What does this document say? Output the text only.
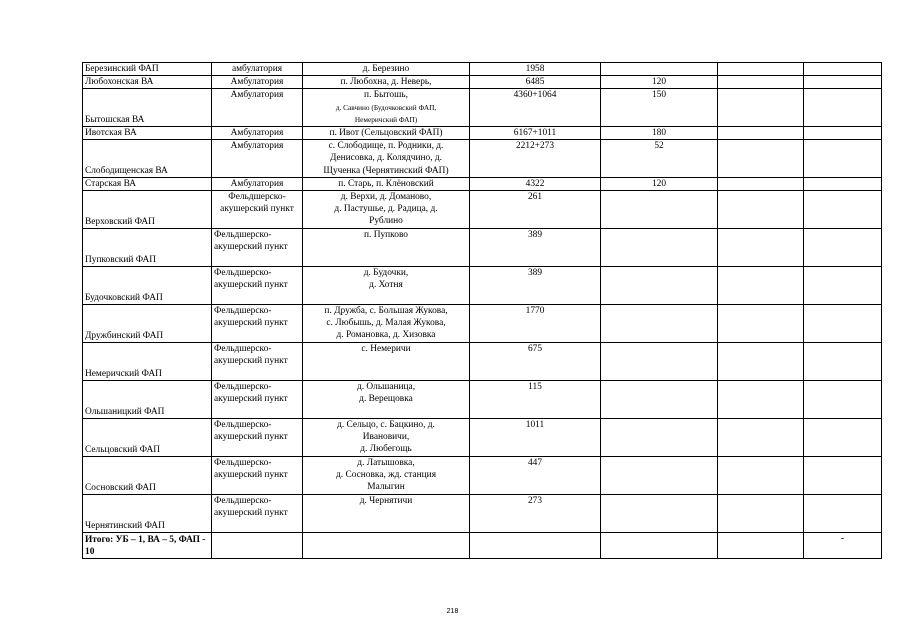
Березинский ФАП	амбулатория	д. Березино	1958			
Любохонская ВА	Амбулатория	п. Любохна, д. Неверь,	6485	120		
Бытошская ВА	Амбулатория	п. Бытошь,
д. Савчино (Будочковский ФАП,
Немеричский ФАП)	4360+1064	150		
Ивотская ВА	Амбулатория	п. Ивот (Сельцовский ФАП)	6167+1011	180		
Слободищенская ВА	Амбулатория	с. Слободище, п. Родники, д.
Денисовка, д. Колядчино, д.
Щученка (Чернятинский ФАП)	2212+273	52		
Старская ВА	Амбулатория	п. Старь, п. Клёновский	4322	120		
Верховский ФАП	Фельдшерско-акушерский пункт	д. Верхи, д. Доманово,
д. Пастушье, д. Радица, д.
Рублино	261			
Пупковский ФАП	Фельдшерско-акушерский пункт	п. Пупково	389			
Будочковский ФАП	Фельдшерско-акушерский пункт	д. Будочки,
д. Хотня	389			
Дружбинский ФАП	Фельдшерско-акушерский пункт	п. Дружба, с. Большая Жукова,
с. Любышь, д. Малая Жукова,
д. Романовка, д. Хизовка	1770			
Немеричский ФАП	Фельдшерско-акушерский пункт	с. Немеричи	675			
Ольшаницкий ФАП	Фельдшерско-акушерский пункт	д. Ольшаница,
д. Верещовка	115			
Сельцовский ФАП	Фельдшерско-акушерский пункт	д. Сельцо, с. Бацкино, д.
Ивановичи,
д. Любегощь	1011			
Сосновский ФАП	Фельдшерско-акушерский пункт	д. Латышовка,
д. Сосновка, жд. станция
Малыгин	447			
Чернятинский ФАП	Фельдшерско-акушерский пункт	д. Чернятичи	273			
Итого: УБ – 1, ВА – 5, ФАП - 10						-
218
